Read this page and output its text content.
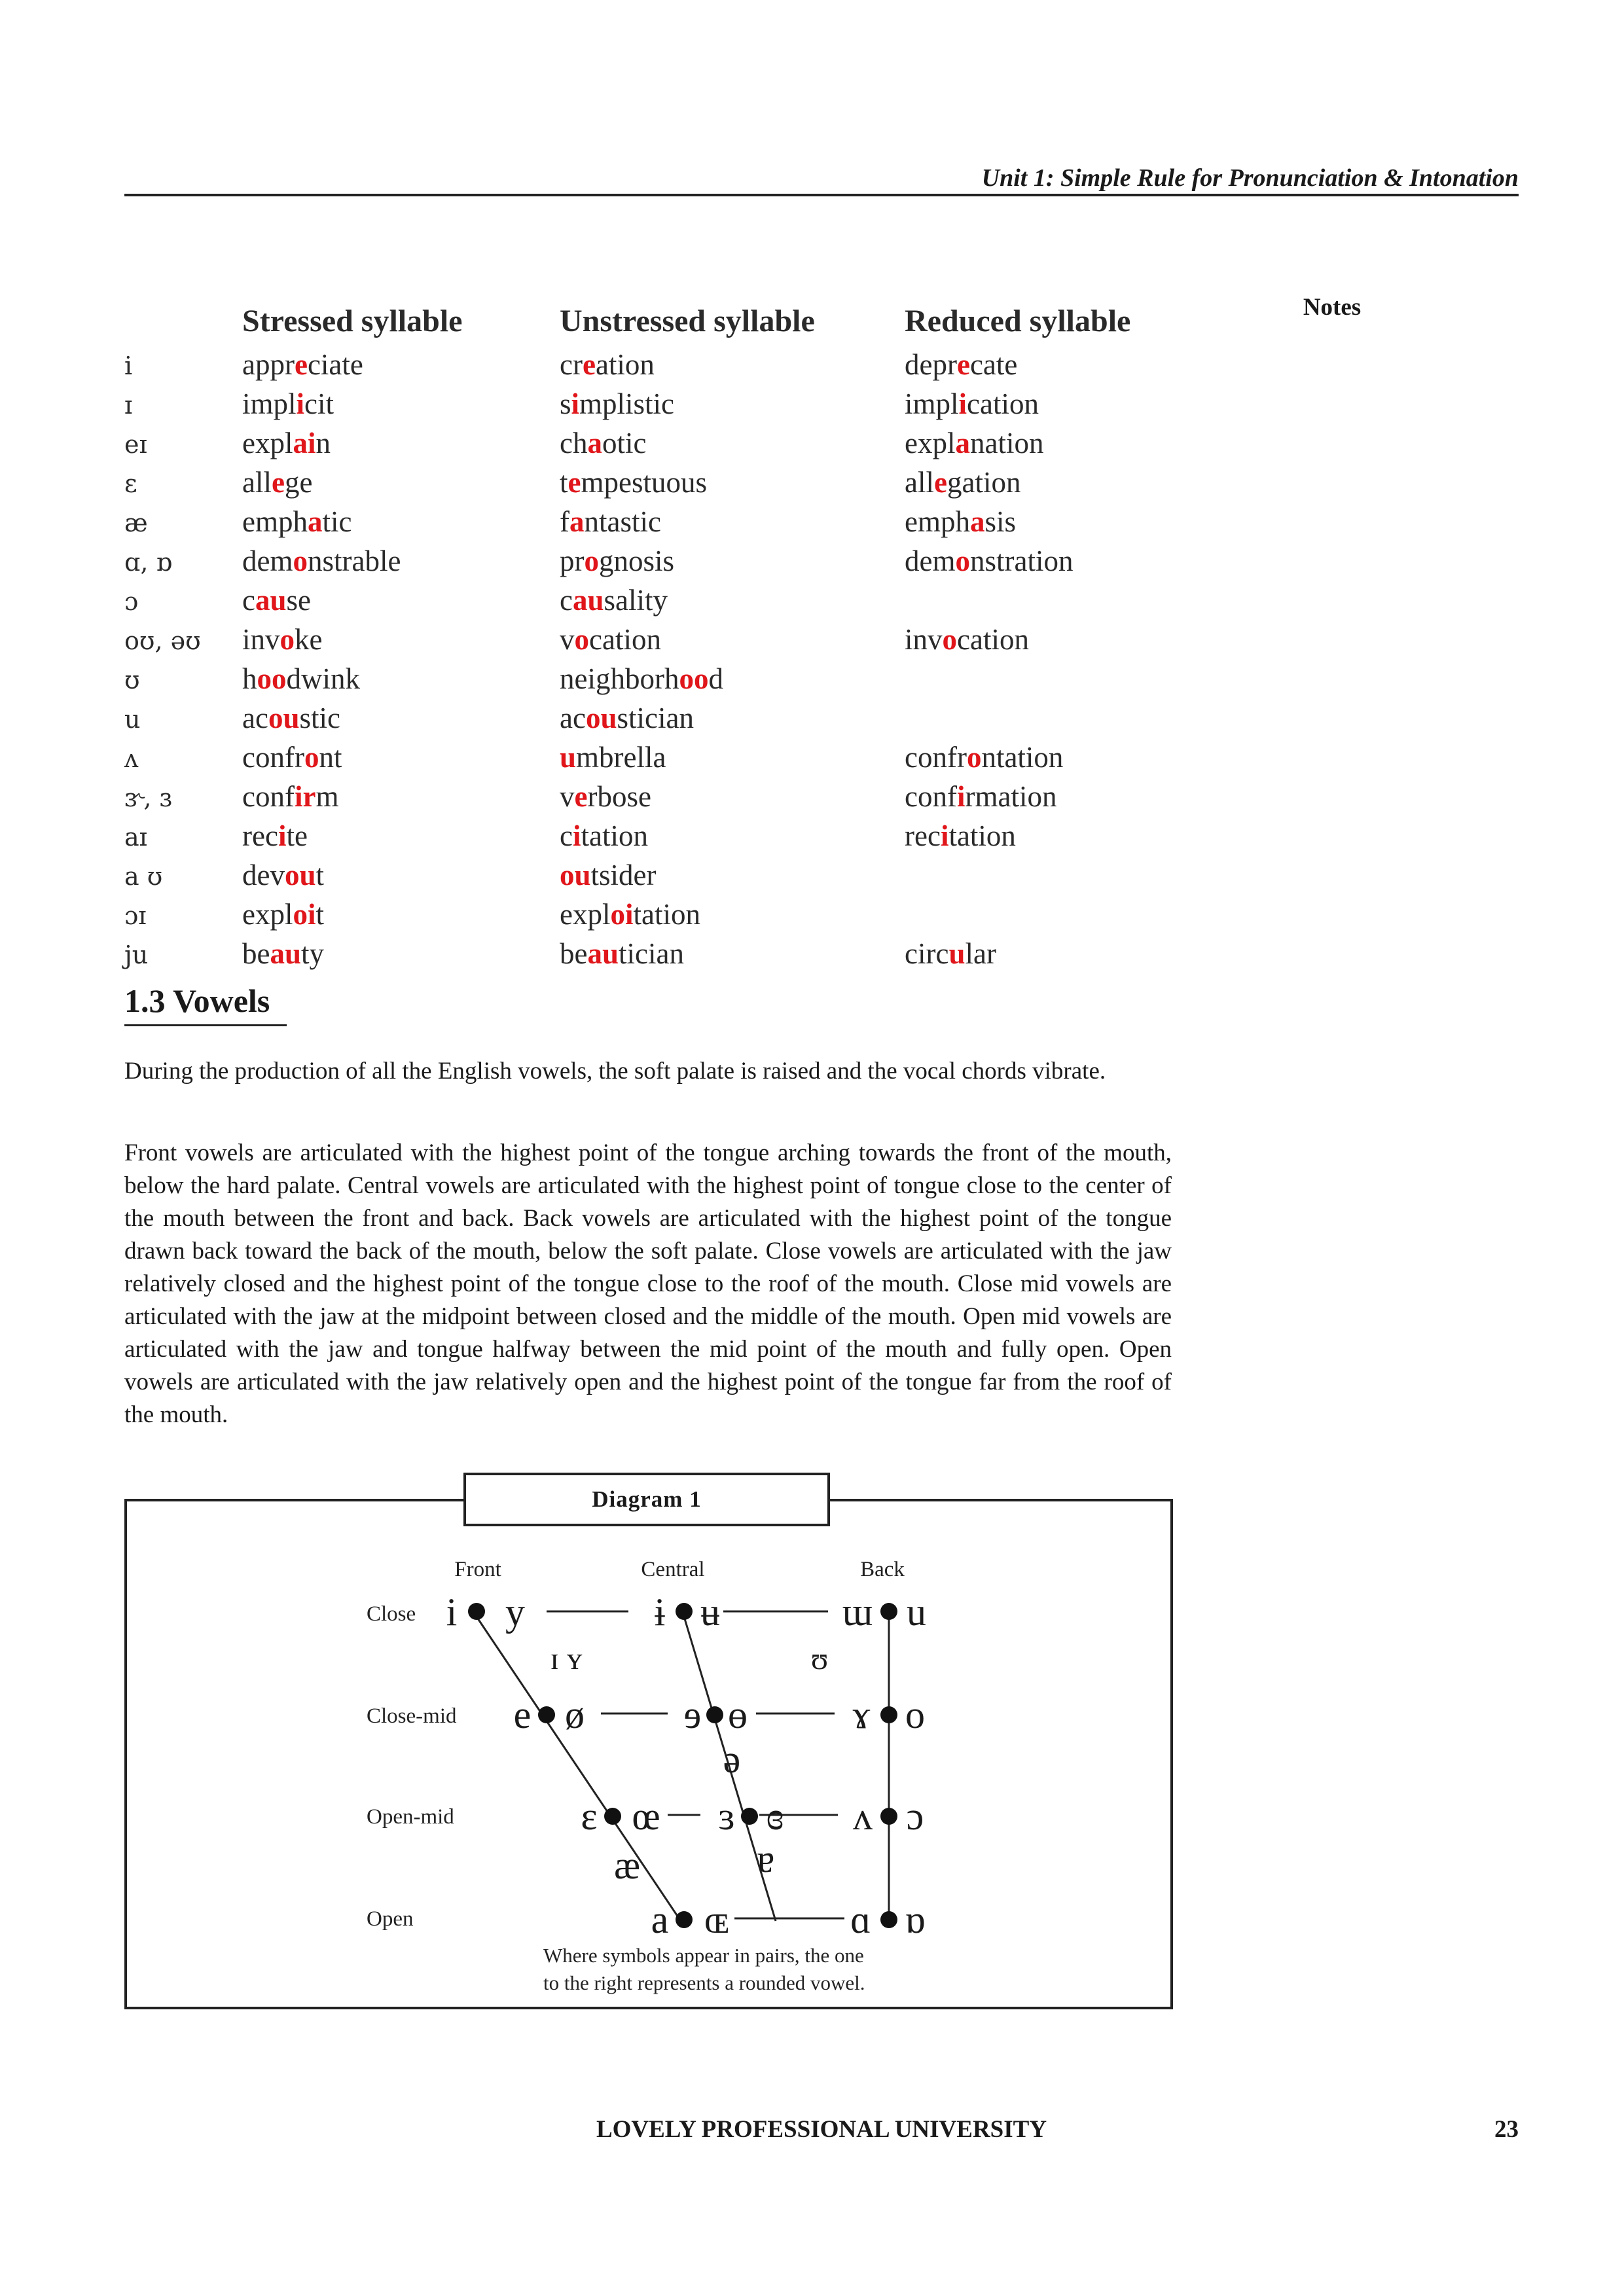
Unit 1: Simple Rule for Pronunciation & Intonation
Notes
	Stressed syllable	Unstressed syllable	Reduced syllable
i	appreciate	creation	deprecate
ɪ	implicit	simplistic	implication
eɪ	explain	chaotic	explanation
ɛ	allege	tempestuous	allegation
æ	emphatic	fantastic	emphasis
ɑ, ɒ	demonstrable	prognosis	demonstration
ɔ	cause	causality	
oʊ, əʊ	invoke	vocation	invocation
ʊ	hoodwink	neighborhood	
u	acoustic	acoustician	
ʌ	confront	umbrella	confrontation
ɝ, ɜ	confirm	verbose	confirmation
aɪ	recite	citation	recitation
a ʊ	devout	outsider	
ɔɪ	exploit	exploitation	
ju	beauty	beautician	circular
1.3 Vowels
During the production of all the English vowels, the soft palate is raised and the vocal chords vibrate.
Front vowels are articulated with the highest point of the tongue arching towards the front of the mouth, below the hard palate. Central vowels are articulated with the highest point of tongue close to the center of the mouth between the front and back. Back vowels are articulated with the highest point of the tongue drawn back toward the back of the mouth, below the soft palate. Close vowels are articulated with the jaw relatively closed and the highest point of the tongue close to the roof of the mouth. Close mid vowels are articulated with the jaw at the midpoint between closed and the middle of the mouth. Open mid vowels are articulated with the jaw and tongue halfway between the mid point of the mouth and fully open. Open vowels are articulated with the jaw relatively open and the highest point of the tongue far from the roof of the mouth.
Front	Central	Back
Close
Close-mid
Open-mid
Open
i y	ɨ ʉ	ɯ u
ɪ ʏ	ʊ
e ø	ɘ ɵ	ɤ o
ə
ɛ œ ɜ ɞ ʌ ɔ
æ	ɐ
a ɶ	ɑ ɒ
Where symbols appear in pairs, the one
to the right represents a rounded vowel.
Diagram 1
LOVELY PROFESSIONAL UNIVERSITY	23
